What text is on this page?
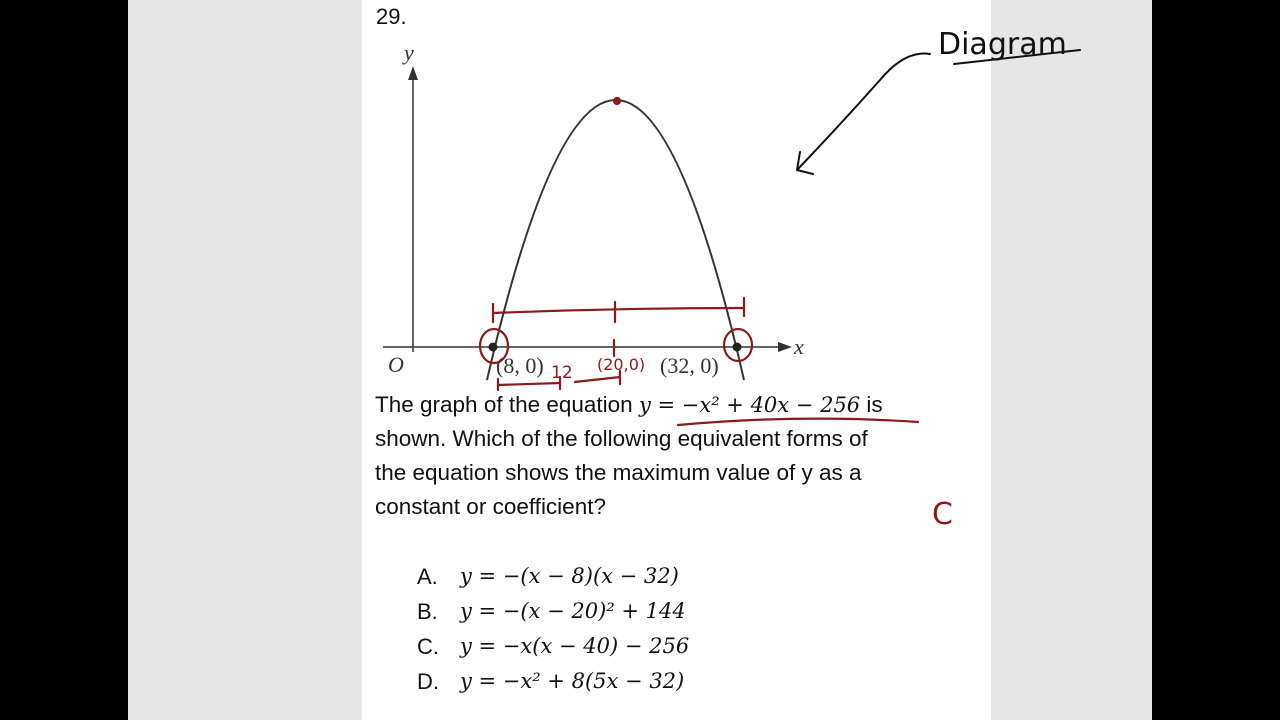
29.
y
x
O	(8, 0)	(32, 0)
12 (20,0)
Diagram
C
The graph of the equation y = −x² + 40x − 256 is
shown. Which of the following equivalent forms of
the equation shows the maximum value of y as a
constant or coefficient?
A. y = −(x − 8)(x − 32)
B. y = −(x − 20)² + 144
C. y = −x(x − 40) − 256
D. y = −x² + 8(5x − 32)
